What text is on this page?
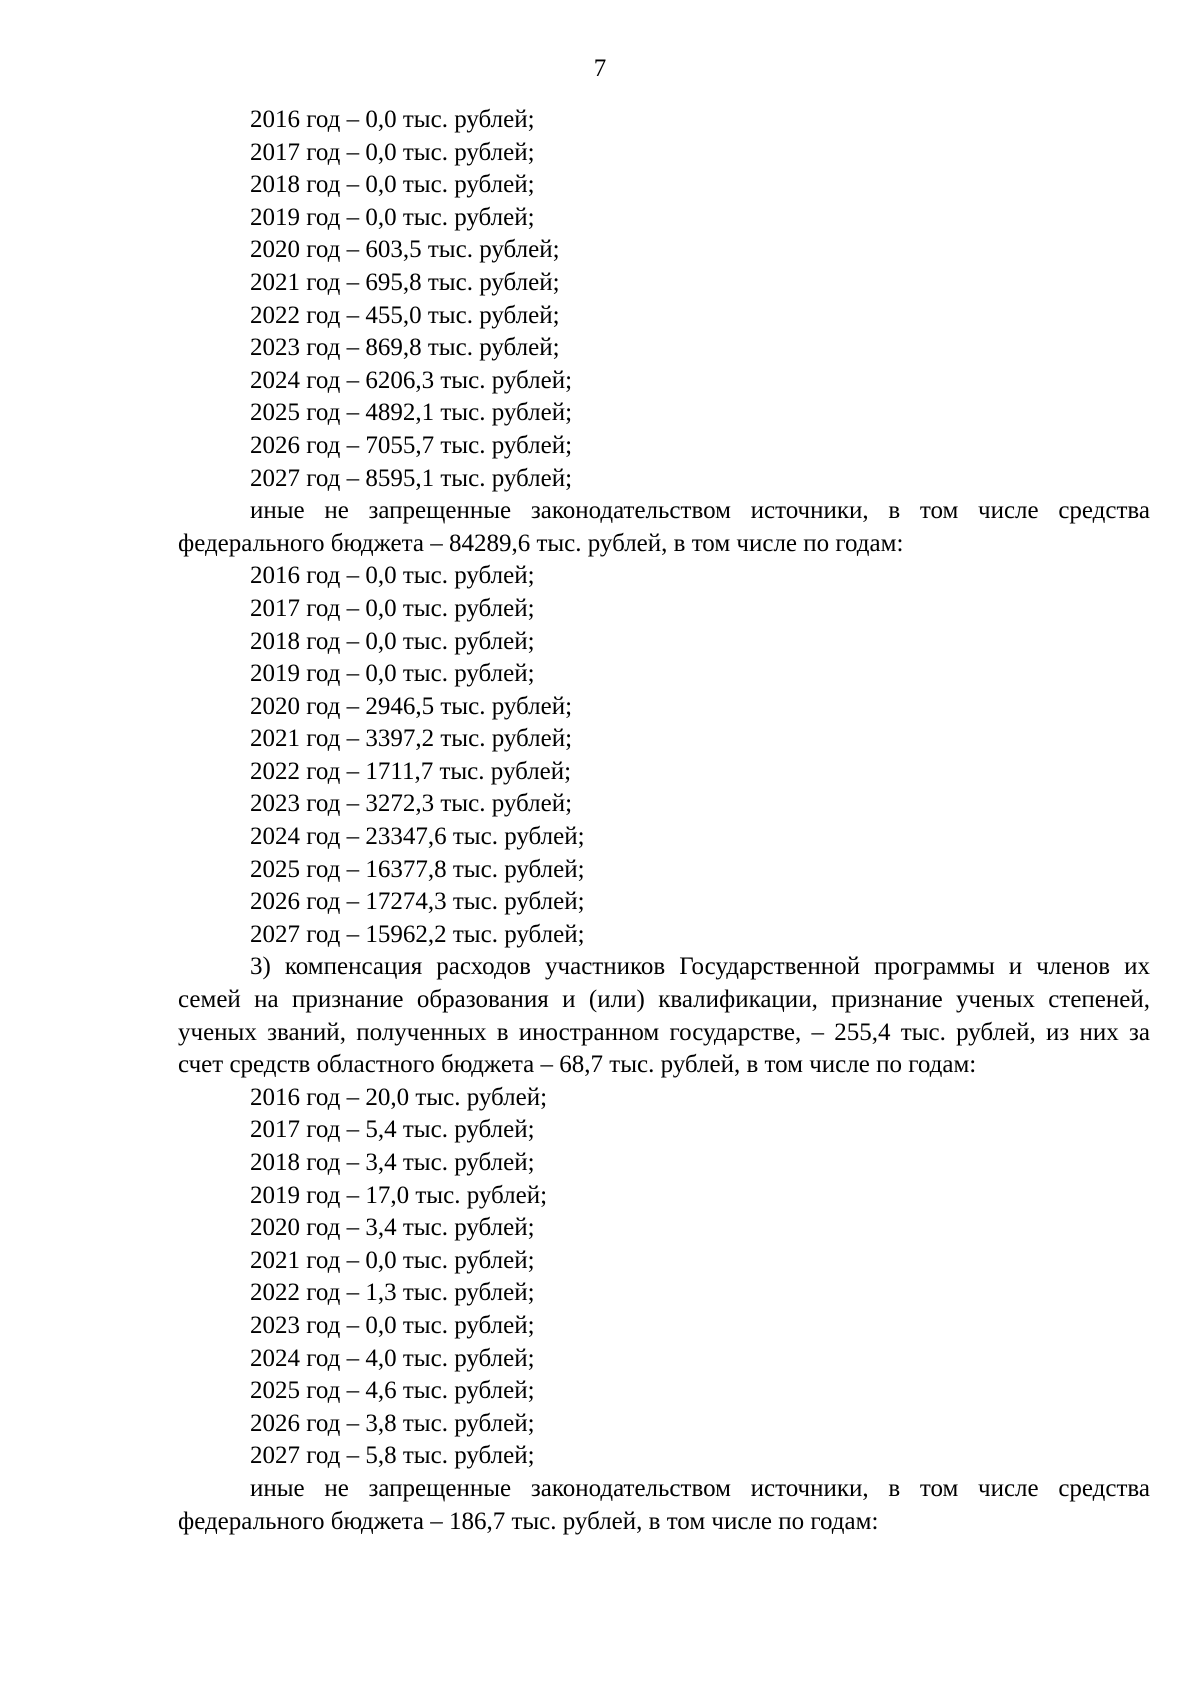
7
2016 год – 0,0 тыс. рублей;
2017 год – 0,0 тыс. рублей;
2018 год – 0,0 тыс. рублей;
2019 год – 0,0 тыс. рублей;
2020 год – 603,5 тыс. рублей;
2021 год – 695,8 тыс. рублей;
2022 год – 455,0 тыс. рублей;
2023 год – 869,8 тыс. рублей;
2024 год – 6206,3 тыс. рублей;
2025 год – 4892,1 тыс. рублей;
2026 год – 7055,7 тыс. рублей;
2027 год – 8595,1 тыс. рублей;

иные не запрещенные законодательством источники, в том числе средства федерального бюджета – 84289,6 тыс. рублей, в том числе по годам:

2016 год – 0,0 тыс. рублей;
2017 год – 0,0 тыс. рублей;
2018 год – 0,0 тыс. рублей;
2019 год – 0,0 тыс. рублей;
2020 год – 2946,5 тыс. рублей;
2021 год – 3397,2 тыс. рублей;
2022 год – 1711,7 тыс. рублей;
2023 год – 3272,3 тыс. рублей;
2024 год – 23347,6 тыс. рублей;
2025 год – 16377,8 тыс. рублей;
2026 год – 17274,3 тыс. рублей;
2027 год – 15962,2 тыс. рублей;

3) компенсация расходов участников Государственной программы и членов их семей на признание образования и (или) квалификации, признание ученых степеней, ученых званий, полученных в иностранном государстве, – 255,4 тыс. рублей, из них за счет средств областного бюджета – 68,7 тыс. рублей, в том числе по годам:

2016 год – 20,0 тыс. рублей;
2017 год – 5,4 тыс. рублей;
2018 год – 3,4 тыс. рублей;
2019 год – 17,0 тыс. рублей;
2020 год – 3,4 тыс. рублей;
2021 год – 0,0 тыс. рублей;
2022 год – 1,3 тыс. рублей;
2023 год – 0,0 тыс. рублей;
2024 год – 4,0 тыс. рублей;
2025 год – 4,6 тыс. рублей;
2026 год – 3,8 тыс. рублей;
2027 год – 5,8 тыс. рублей;

иные не запрещенные законодательством источники, в том числе средства федерального бюджета – 186,7 тыс. рублей, в том числе по годам:
